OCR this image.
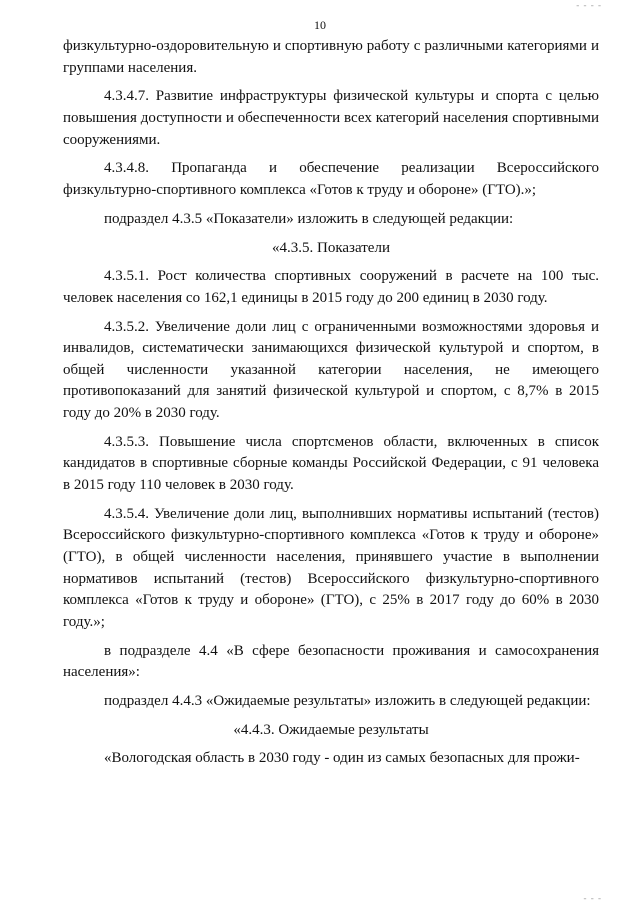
- - - -
10

физкультурно-оздоровительную и спортивную работу с различными категориями и группами населения.

4.3.4.7. Развитие инфраструктуры физической культуры и спорта с целью повышения доступности и обеспеченности всех категорий населения спортивными сооружениями.

4.3.4.8. Пропаганда и обеспечение реализации Всероссийского физкультурно-спортивного комплекса «Готов к труду и обороне» (ГТО).»;

подраздел 4.3.5 «Показатели» изложить в следующей редакции:

«4.3.5. Показатели

4.3.5.1. Рост количества спортивных сооружений в расчете на 100 тыс. человек населения со 162,1 единицы в 2015 году до 200 единиц в 2030 году.

4.3.5.2. Увеличение доли лиц с ограниченными возможностями здоровья и инвалидов, систематически занимающихся физической культурой и спортом, в общей численности указанной категории населения, не имеющего противопоказаний для занятий физической культурой и спортом, с 8,7% в 2015 году до 20% в 2030 году.

4.3.5.3. Повышение числа спортсменов области, включенных в список кандидатов в спортивные сборные команды Российской Федерации, с 91 человека в 2015 году 110 человек в 2030 году.

4.3.5.4. Увеличение доли лиц, выполнивших нормативы испытаний (тестов) Всероссийского физкультурно-спортивного комплекса «Готов к труду и обороне» (ГТО), в общей численности населения, принявшего участие в выполнении нормативов испытаний (тестов) Всероссийского физкультурно-спортивного комплекса «Готов к труду и обороне» (ГТО), с 25% в 2017 году до 60% в 2030 году.»;

в подразделе 4.4 «В сфере безопасности проживания и самосохранения населения»:

подраздел 4.4.3 «Ожидаемые результаты» изложить в следующей редакции:

«4.4.3. Ожидаемые результаты

«Вологодская область в 2030 году - один из самых безопасных для прожи-

- - -
